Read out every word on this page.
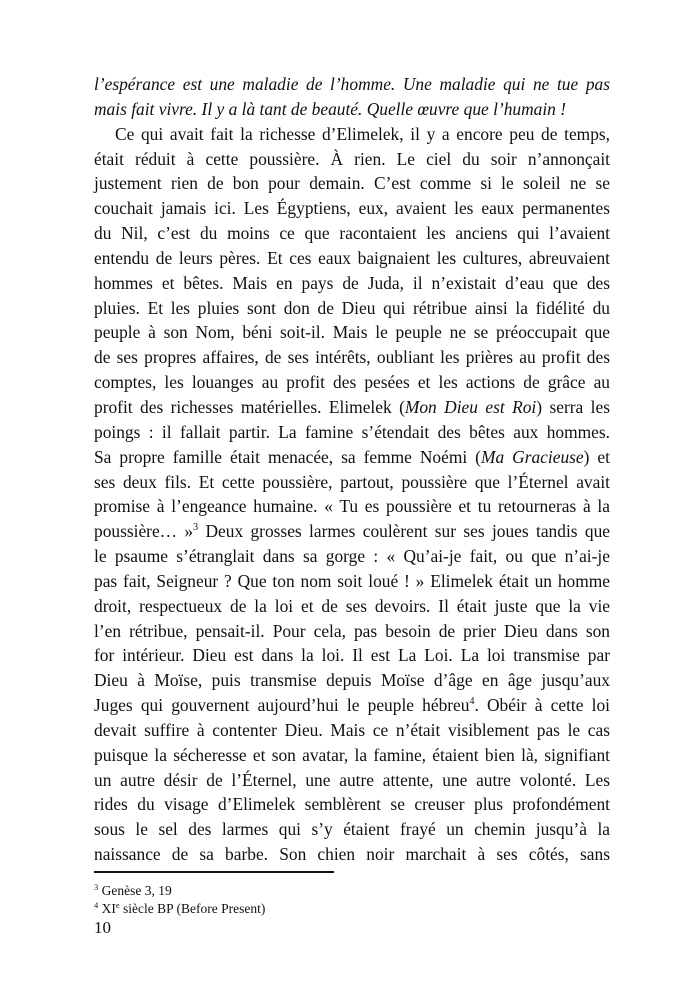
l’espérance est une maladie de l’homme. Une maladie qui ne tue pas
mais fait vivre. Il y a là tant de beauté. Quelle œuvre que l’humain !
Ce qui avait fait la richesse d’Elimelek, il y a encore peu de temps,
était réduit à cette poussière. À rien. Le ciel du soir n’annonçait
justement rien de bon pour demain. C’est comme si le soleil ne se
couchait jamais ici. Les Égyptiens, eux, avaient les eaux permanentes
du Nil, c’est du moins ce que racontaient les anciens qui l’avaient
entendu de leurs pères. Et ces eaux baignaient les cultures, abreuvaient
hommes et bêtes. Mais en pays de Juda, il n’existait d’eau que des
pluies. Et les pluies sont don de Dieu qui rétribue ainsi la fidélité du
peuple à son Nom, béni soit-il. Mais le peuple ne se préoccupait que
de ses propres affaires, de ses intérêts, oubliant les prières au profit des
comptes, les louanges au profit des pesées et les actions de grâce au
profit des richesses matérielles. Elimelek (Mon Dieu est Roi) serra les
poings : il fallait partir. La famine s’étendait des bêtes aux hommes.
Sa propre famille était menacée, sa femme Noémi (Ma Gracieuse) et
ses deux fils. Et cette poussière, partout, poussière que l’Éternel avait
promise à l’engeance humaine. « Tu es poussière et tu retourneras à la
poussière… »$^3$ Deux grosses larmes coulèrent sur ses joues tandis que
le psaume s’étranglait dans sa gorge : « Qu’ai-je fait, ou que n’ai-je
pas fait, Seigneur ? Que ton nom soit loué ! » Elimelek était un homme
droit, respectueux de la loi et de ses devoirs. Il était juste que la vie
l’en rétribue, pensait-il. Pour cela, pas besoin de prier Dieu dans son
for intérieur. Dieu est dans la loi. Il est La Loi. La loi transmise par
Dieu à Moïse, puis transmise depuis Moïse d’âge en âge jusqu’aux
Juges qui gouvernent aujourd’hui le peuple hébreu$^4$. Obéir à cette loi
devait suffire à contenter Dieu. Mais ce n’était visiblement pas le cas
puisque la sécheresse et son avatar, la famine, étaient bien là, signifiant
un autre désir de l’Éternel, une autre attente, une autre volonté. Les
rides du visage d’Elimelek semblèrent se creuser plus profondément
sous le sel des larmes qui s’y étaient frayé un chemin jusqu’à la
naissance de sa barbe. Son chien noir marchait à ses côtés, sans
$^3$ Genèse 3, 19
$^4$ XIe siècle BP (Before Present)
10
